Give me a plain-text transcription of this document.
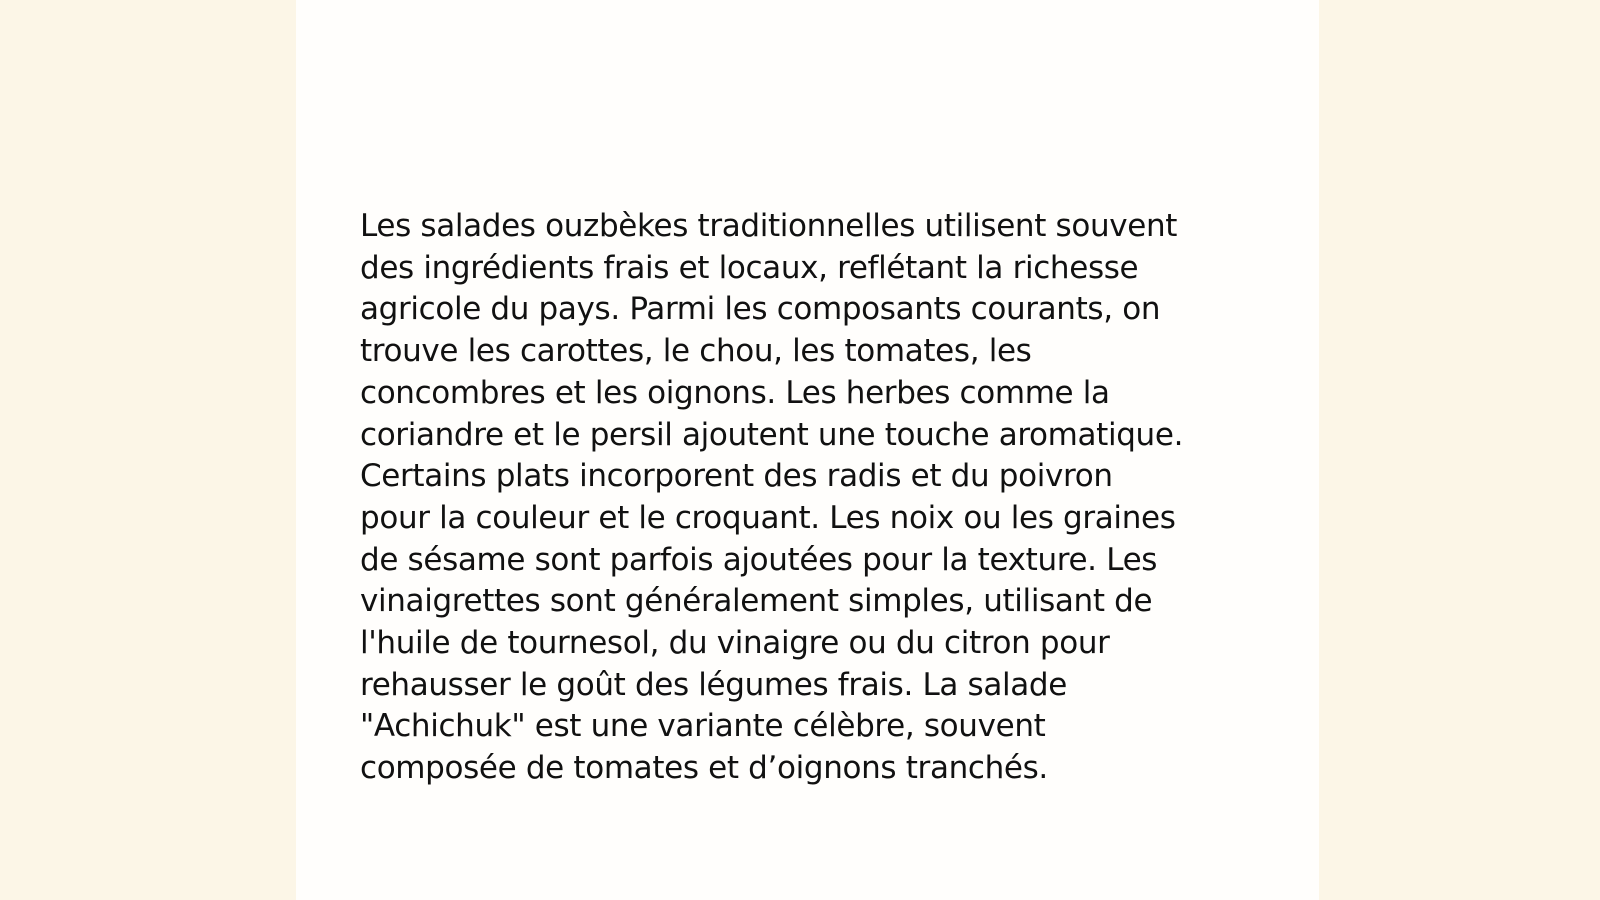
Les salades ouzbèkes traditionnelles utilisent souvent
des ingrédients frais et locaux, reflétant la richesse
agricole du pays. Parmi les composants courants, on
trouve les carottes, le chou, les tomates, les
concombres et les oignons. Les herbes comme la
coriandre et le persil ajoutent une touche aromatique.
Certains plats incorporent des radis et du poivron
pour la couleur et le croquant. Les noix ou les graines
de sésame sont parfois ajoutées pour la texture. Les
vinaigrettes sont généralement simples, utilisant de
l'huile de tournesol, du vinaigre ou du citron pour
rehausser le goût des légumes frais. La salade
"Achichuk" est une variante célèbre, souvent
composée de tomates et d’oignons tranchés.
